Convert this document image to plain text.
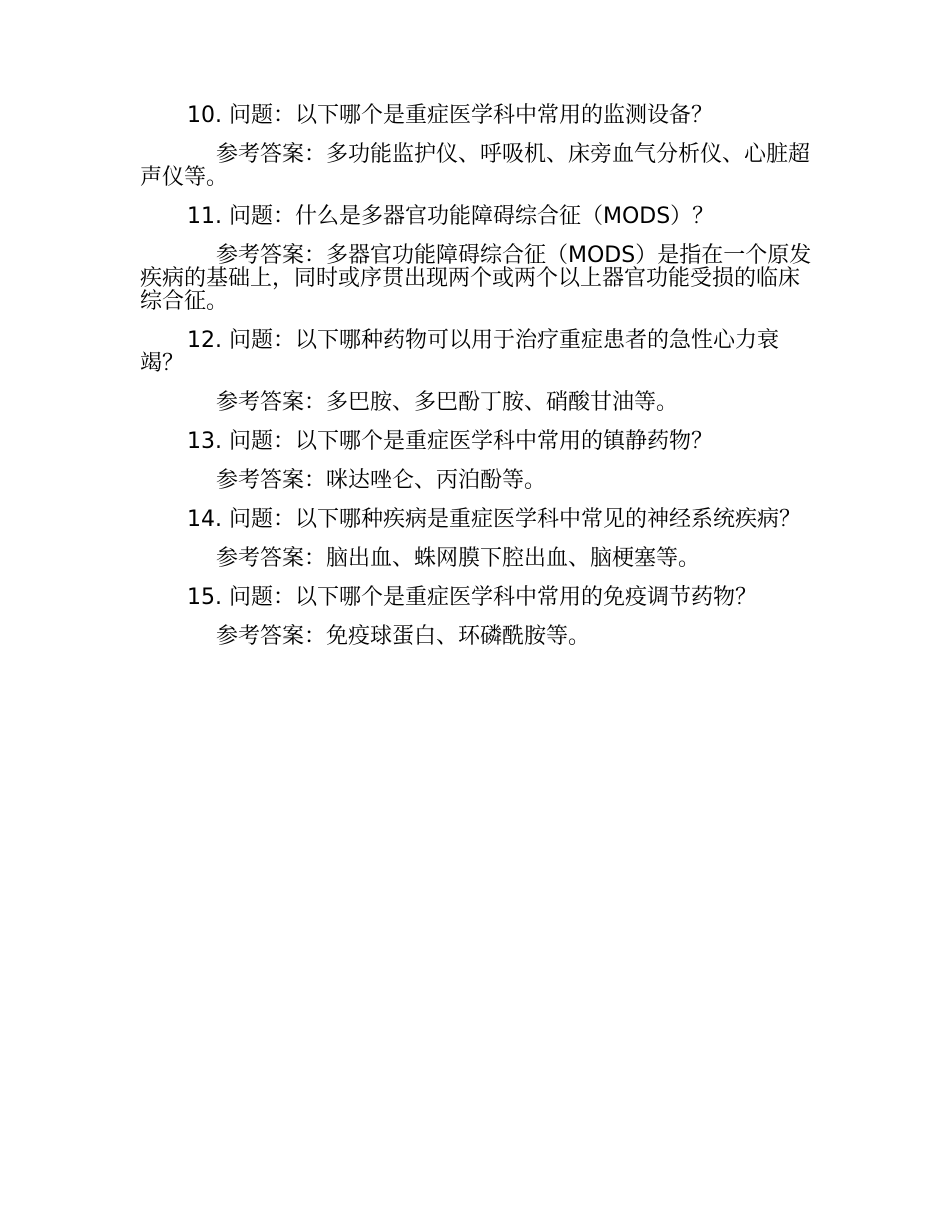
10. 问题：以下哪个是重症医学科中常用的监测设备？

参考答案：多功能监护仪、呼吸机、床旁血气分析仪、心脏超声仪等。

11. 问题：什么是多器官功能障碍综合征（MODS）？

参考答案：多器官功能障碍综合征（MODS）是指在一个原发疾病的基础上，同时或序贯出现两个或两个以上器官功能受损的临床综合征。

12. 问题：以下哪种药物可以用于治疗重症患者的急性心力衰竭？

参考答案：多巴胺、多巴酚丁胺、硝酸甘油等。

13. 问题：以下哪个是重症医学科中常用的镇静药物？

参考答案：咪达唑仑、丙泊酚等。

14. 问题：以下哪种疾病是重症医学科中常见的神经系统疾病？

参考答案：脑出血、蛛网膜下腔出血、脑梗塞等。

15. 问题：以下哪个是重症医学科中常用的免疫调节药物？

参考答案：免疫球蛋白、环磷酰胺等。
